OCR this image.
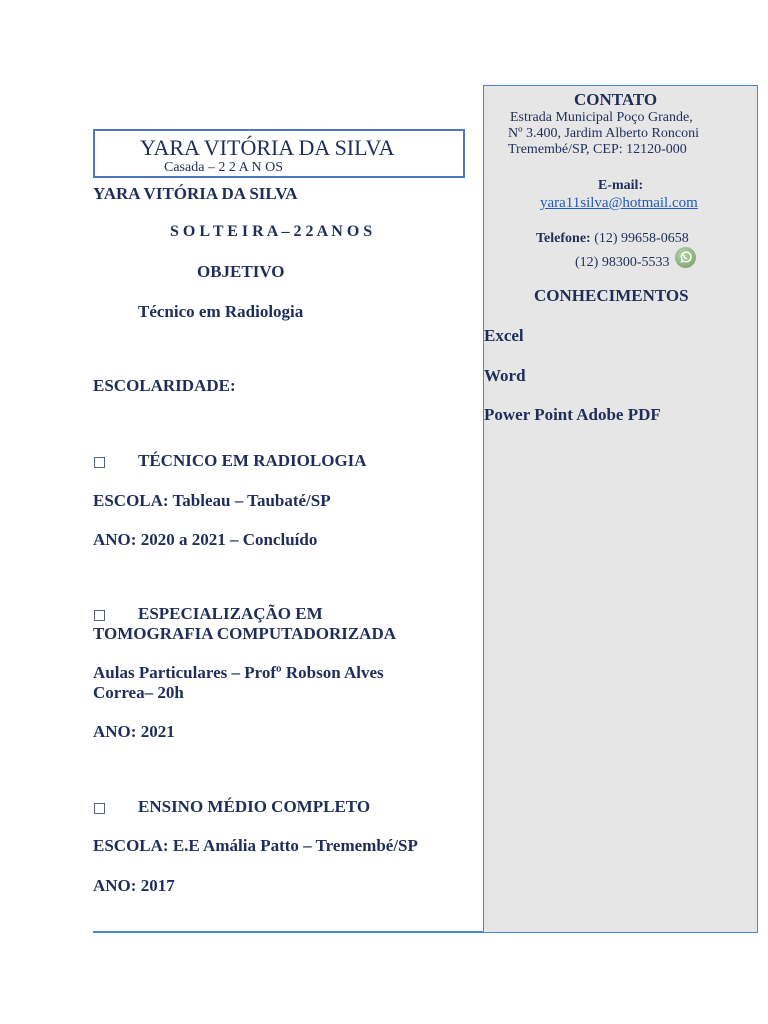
YARA VITÓRIA DA SILVA
Casada – 2 2 A N OS
YARA VITÓRIA DA SILVA
S O L T E I R A – 2 2 A N O S
OBJETIVO
Técnico em Radiologia
ESCOLARIDADE:
□ TÉCNICO EM RADIOLOGIA
ESCOLA: Tableau – Taubaté/SP
ANO: 2020 a 2021 – Concluído
□ ESPECIALIZAÇÃO EM
TOMOGRAFIA COMPUTADORIZADA
Aulas Particulares – Profº Robson Alves
Correa– 20h
ANO: 2021
□ ENSINO MÉDIO COMPLETO
ESCOLA: E.E Amália Patto – Tremembé/SP
ANO: 2017
CONTATO
Estrada Municipal Poço Grande,
Nº 3.400, Jardim Alberto Ronconi
Tremembé/SP, CEP: 12120-000
E-mail:
yara11silva@hotmail.com
Telefone: (12) 99658-0658
(12) 98300-5533
CONHECIMENTOS
Excel
Word
Power Point Adobe PDF
